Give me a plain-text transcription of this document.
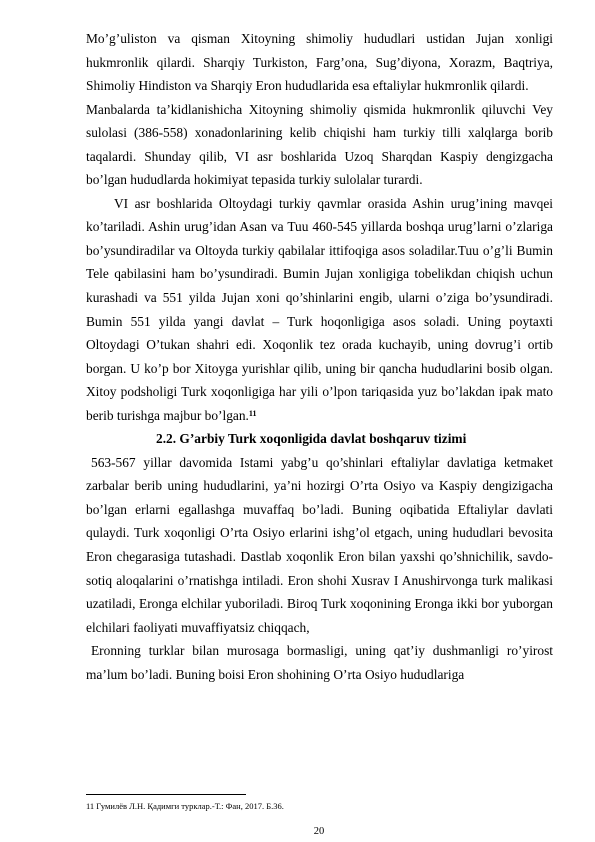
Mo’g’uliston va qisman Xitoyning shimoliy hududlari ustidan Jujan xonligi hukmronlik qilardi. Sharqiy Turkiston, Farg’ona, Sug’diyona, Xorazm, Baqtriya, Shimoliy Hindiston va Sharqiy Eron hududlarida esa eftaliylar hukmronlik qilardi.

Manbalarda ta’kidlanishicha Xitoyning shimoliy qismida hukmronlik qiluvchi Vey sulolasi (386-558) xonadonlarining kelib chiqishi ham turkiy tilli xalqlarga borib taqalardi. Shunday qilib, VI asr boshlarida Uzoq Sharqdan Kaspiy dengizgacha bo’lgan hududlarda hokimiyat tepasida turkiy sulolalar turardi.

VI asr boshlarida Oltoydagi turkiy qavmlar orasida Ashin urug’ining mavqei ko’tariladi. Ashin urug’idan Asan va Tuu 460-545 yillarda boshqa urug’larni o’zlariga bo’ysundiradilar va Oltoyda turkiy qabilalar ittifoqiga asos soladilar.Tuu o’g’li Bumin Tele qabilasini ham bo’ysundiradi. Bumin Jujan xonligiga tobelikdan chiqish uchun kurashadi va 551 yilda Jujan xoni qo’shinlarini engib, ularni o’ziga bo’ysundiradi. Bumin 551 yilda yangi davlat – Turk hoqonligiga asos soladi. Uning poytaxti Oltoydagi O’tukan shahri edi. Xoqonlik tez orada kuchayib, uning dovrug’i ortib borgan. U ko’p bor Xitoyga yurishlar qilib, uning bir qancha hududlarini bosib olgan. Xitoy podsholigi Turk xoqonligiga har yili o’lpon tariqasida yuz bo’lakdan ipak mato berib turishga majbur bo’lgan.$^{11}$

2.2. G’arbiy Turk xoqonligida davlat boshqaruv tizimi

563-567 yillar davomida Istami yabg’u qo’shinlari eftaliylar davlatiga ketmaket zarbalar berib uning hududlarini, ya’ni hozirgi O’rta Osiyo va Kaspiy dengizigacha bo’lgan erlarni egallashga muvaffaq bo’ladi. Buning oqibatida Eftaliylar davlati qulaydi. Turk xoqonligi O’rta Osiyo erlarini ishg’ol etgach, uning hududlari bevosita Eron chegarasiga tutashadi. Dastlab xoqonlik Eron bilan yaxshi qo’shnichilik, savdo-sotiq aloqalarini o’rnatishga intiladi. Eron shohi Xusrav I Anushirvonga turk malikasi uzatiladi, Eronga elchilar yuboriladi. Biroq Turk xoqonining Eronga ikki bor yuborgan elchilari faoliyati muvaffiyatsiz chiqqach,

Eronning turklar bilan murosaga bormasligi, uning qat’iy dushmanligi ro’yirost ma’lum bo’ladi. Buning boisi Eron shohining O’rta Osiyo hududlariga

11 Гумилёв Л.Н. Қадимги турклар.-Т.: Фан, 2017. Б.36.
20
